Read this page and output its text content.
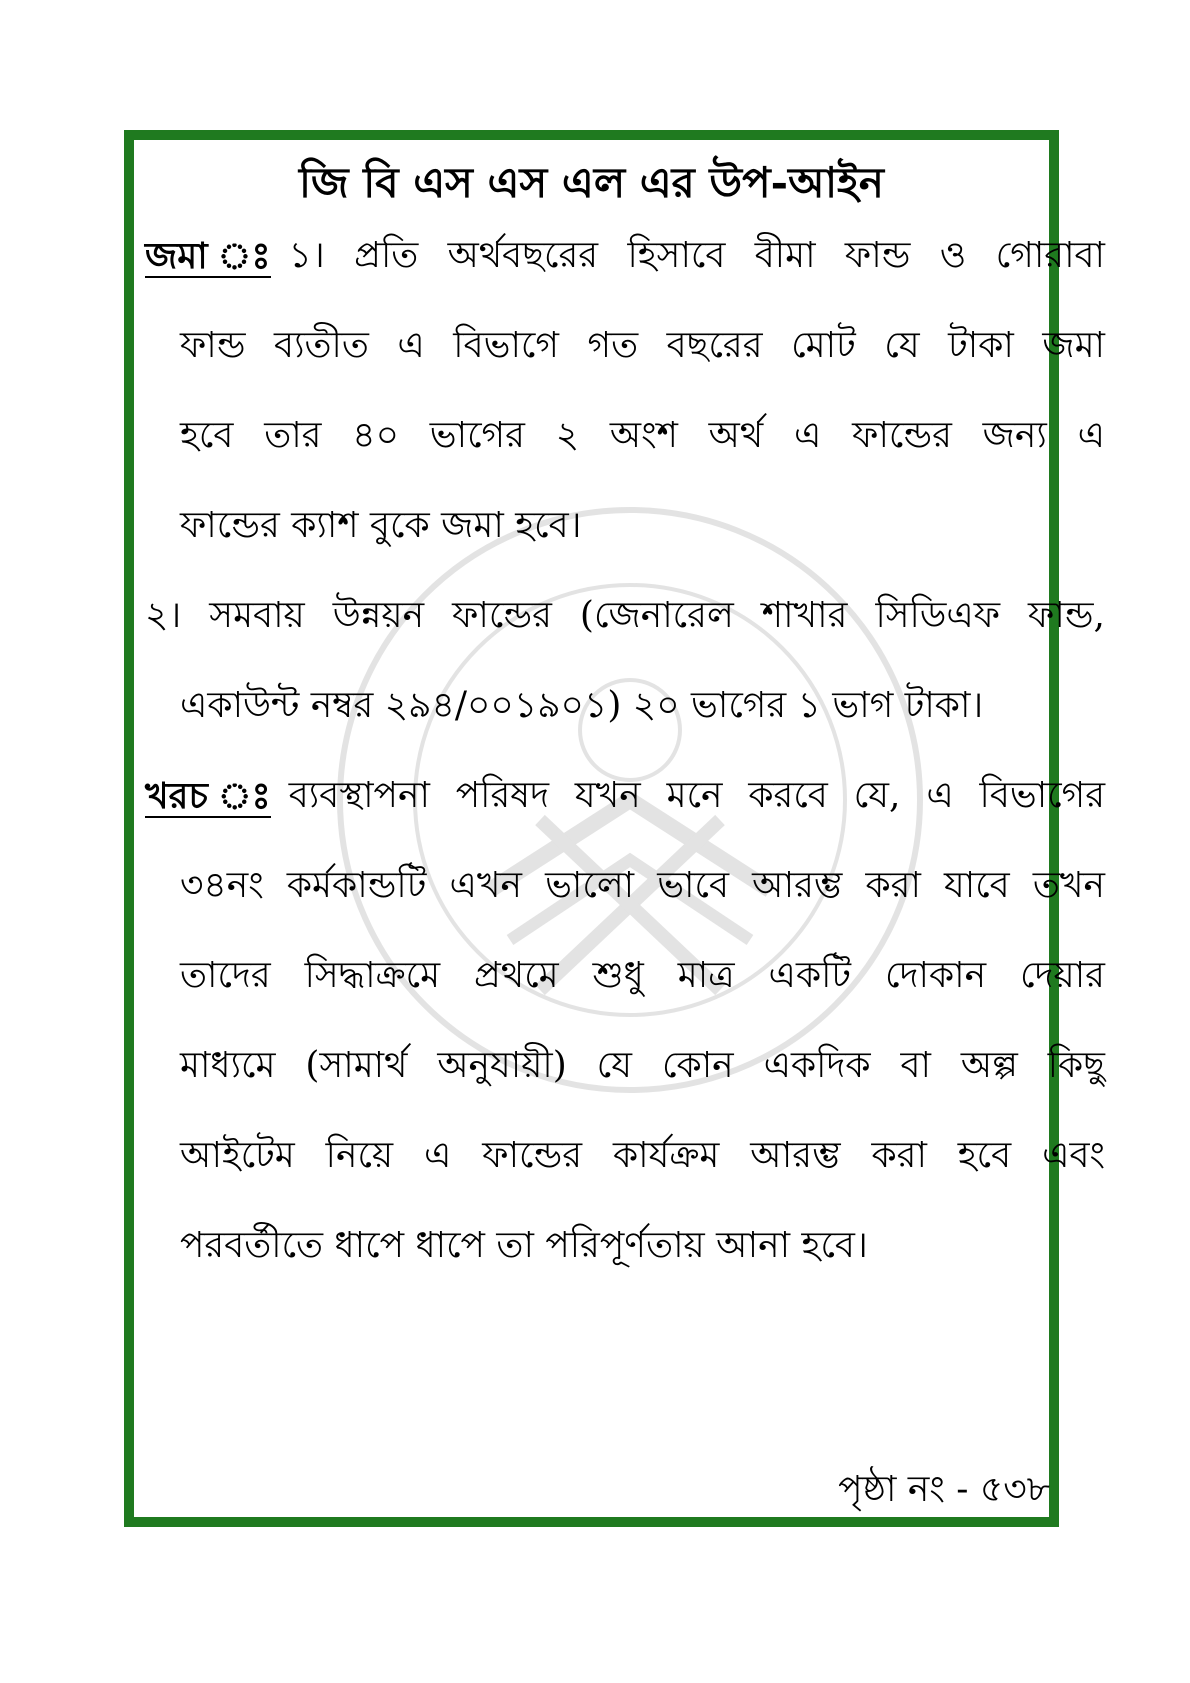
জি বি এস এস এল এর উপ-আইন
জমা ঃ ১। প্রতি অর্থবছরের হিসাবে বীমা ফান্ড ও গোরাবা
ফান্ড ব্যতীত এ বিভাগে গত বছরের মোট যে টাকা জমা
হবে তার ৪০ ভাগের ২ অংশ অর্থ এ ফান্ডের জন্য এ
ফান্ডের ক্যাশ বুকে জমা হবে।
২। সমবায় উন্নয়ন ফান্ডের (জেনারেল শাখার সিডিএফ ফান্ড,
একাউন্ট নম্বর ২৯৪/০০১৯০১) ২০ ভাগের ১ ভাগ টাকা।
খরচ ঃ ব্যবস্থাপনা পরিষদ যখন মনে করবে যে, এ বিভাগের
৩৪নং কর্মকান্ডটি এখন ভালো ভাবে আরম্ভ করা যাবে তখন
তাদের সিদ্ধাক্রমে প্রথমে শুধু মাত্র একটি দোকান দেয়ার
মাধ্যমে (সামার্থ অনুযায়ী) যে কোন একদিক বা অল্প কিছু
আইটেম নিয়ে এ ফান্ডের কার্যক্রম আরম্ভ করা হবে এবং
পরবর্তীতে ধাপে ধাপে তা পরিপূর্ণতায় আনা হবে।
পৃষ্ঠা নং - ৫৩৮
